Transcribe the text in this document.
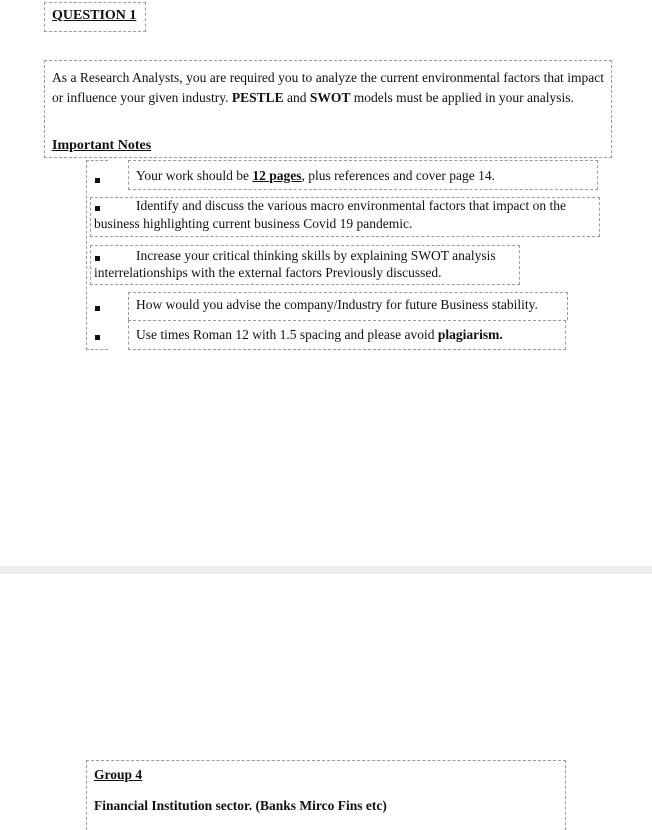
QUESTION 1
As a Research Analysts, you are required you to analyze the current environmental factors that impact or influence your given industry. PESTLE and SWOT models must be applied in your analysis.
Important Notes
Your work should be 12 pages, plus references and cover page 14.
Identify and discuss the various macro environmental factors that impact on the
business highlighting current business Covid 19 pandemic.
Increase your critical thinking skills by explaining SWOT analysis
interrelationships with the external factors Previously discussed.
How would you advise the company/Industry for future Business stability.
Use times Roman 12 with 1.5 spacing and please avoid plagiarism.
Group 4
Financial Institution sector. (Banks Mirco Fins etc)
